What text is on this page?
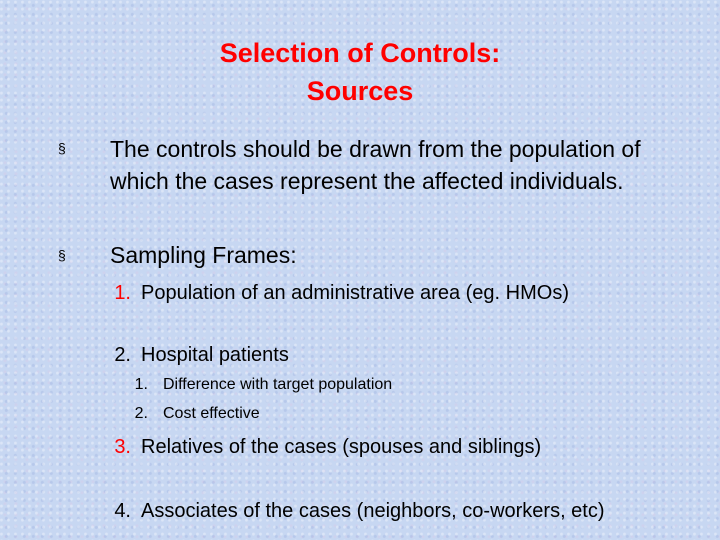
Selection of Controls:
Sources
§ The controls should be drawn from the population of which the cases represent the affected individuals.
§ Sampling Frames:
1. Population of an administrative area (eg. HMOs)
2. Hospital patients
1. Difference with target population
2. Cost effective
3. Relatives of the cases (spouses and siblings)
4. Associates of the cases (neighbors, co-workers, etc)
